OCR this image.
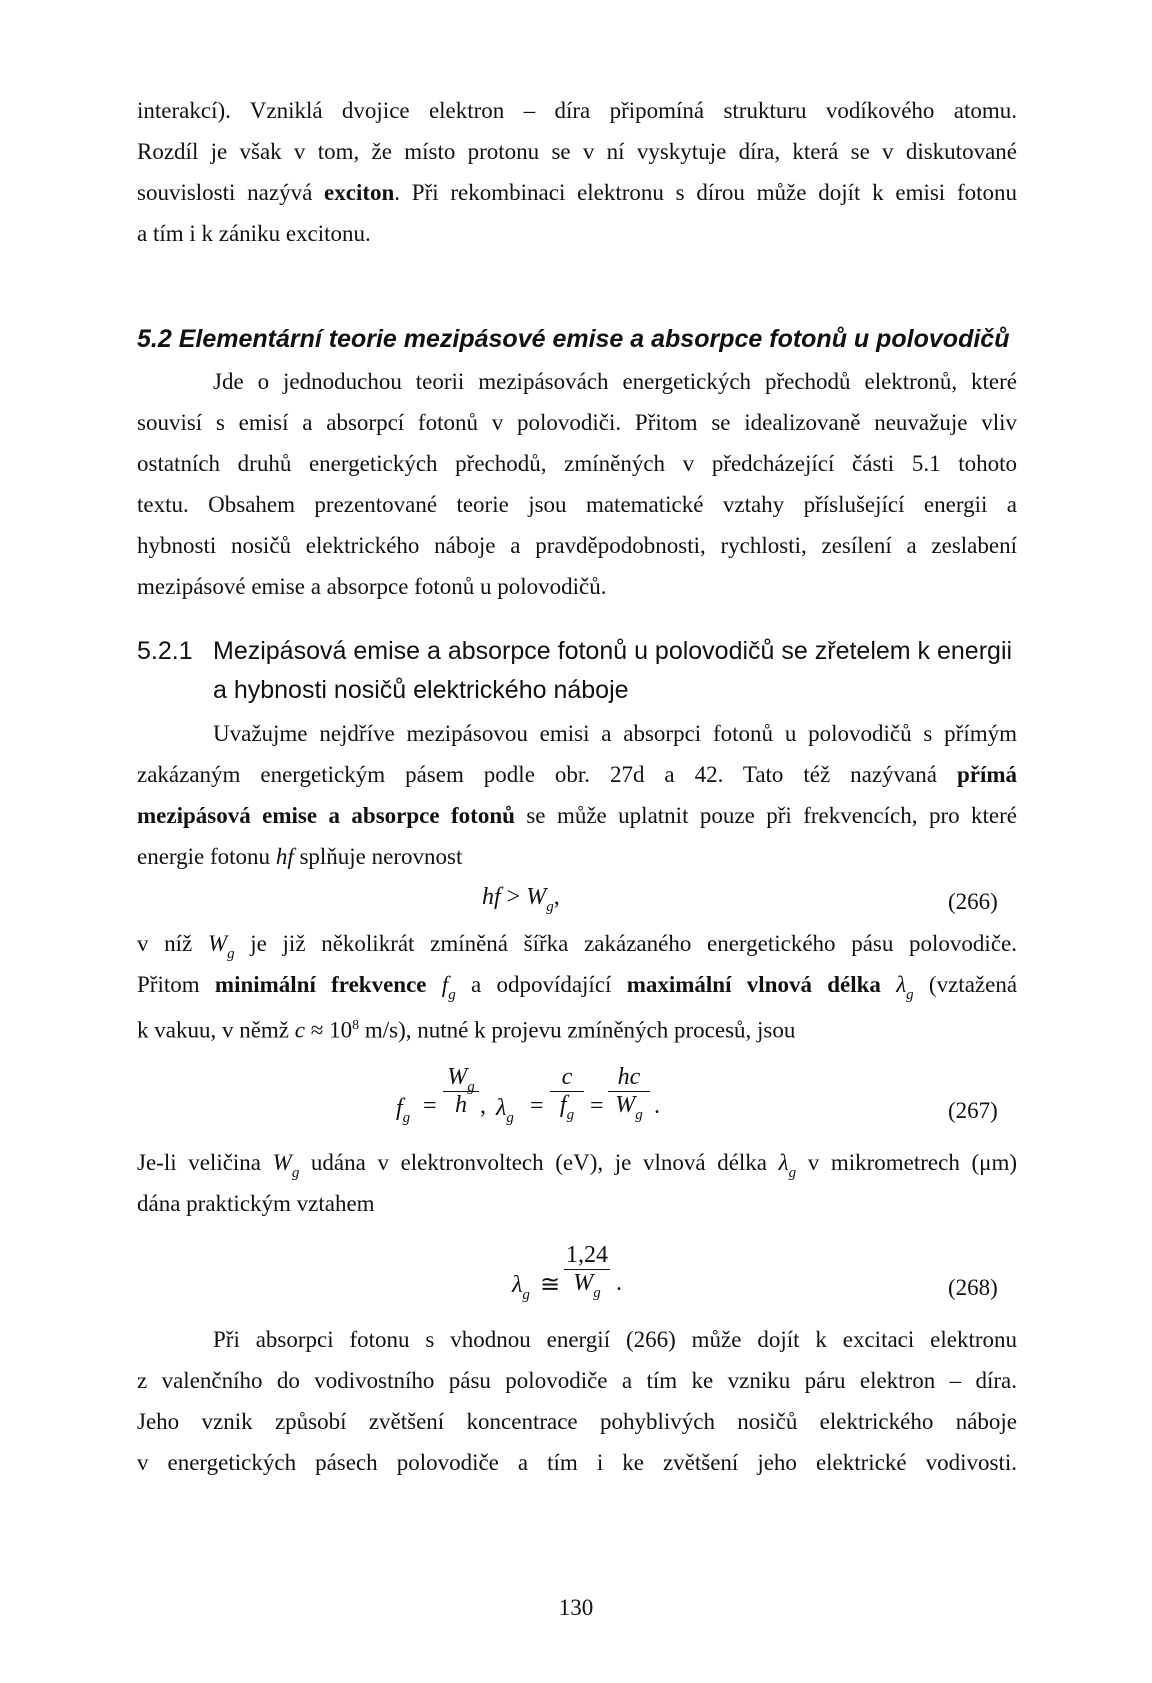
interakcí). Vzniklá dvojice elektron – díra připomíná strukturu vodíkového atomu.
Rozdíl je však v tom, že místo protonu se v ní vyskytuje díra, která se v diskutované
souvislosti nazývá exciton. Při rekombinaci elektronu s dírou může dojít k emisi fotonu
a tím i k zániku excitonu.
5.2 Elementární teorie mezipásové emise a absorpce fotonů u polovodičů
Jde o jednoduchou teorii mezipásovách energetických přechodů elektronů, které
souvisí s emisí a absorpcí fotonů v polovodiči. Přitom se idealizovaně neuvažuje vliv
ostatních druhů energetických přechodů, zmíněných v předcházející části 5.1 tohoto
textu. Obsahem prezentované teorie jsou matematické vztahy příslušející energii a
hybnosti nosičů elektrického náboje a pravděpodobnosti, rychlosti, zesílení a zeslabení
mezipásové emise a absorpce fotonů u polovodičů.
5.2.1 Mezipásová emise a absorpce fotonů u polovodičů se zřetelem k energii
a hybnosti nosičů elektrického náboje
Uvažujme nejdříve mezipásovou emisi a absorpci fotonů u polovodičů s přímým
zakázaným energetickým pásem podle obr. 27d a 42. Tato též nazývaná přímá
mezipásová emise a absorpce fotonů se může uplatnit pouze při frekvencích, pro které
energie fotonu hf splňuje nerovnost
hf > $W_g$,	(266)
v níž $W_g$ je již několikrát zmíněná šířka zakázaného energetického pásu polovodiče.
Přitom minimální frekvence $f_g$ a odpovídající maximální vlnová délka $\lambda_g$ (vztažená
k vakuu, v němž $c \approx 10^8$ m/s), nutné k projevu zmíněných procesů, jsou
$f_g = \frac{W_g}{h}$ , $\lambda_g = \frac{c}{f_g} = \frac{hc}{W_g}$ .	(267)
Je-li veličina $W_g$ udána v elektronvoltech (eV), je vlnová délka $\lambda_g$ v mikrometrech (μm)
dána praktickým vztahem
$\lambda_g$ ≅ $\frac{1,24}{W_g}$ .	(268)
Při absorpci fotonu s vhodnou energií (266) může dojít k excitaci elektronu
z valenčního do vodivostního pásu polovodiče a tím ke vzniku páru elektron – díra.
Jeho vznik způsobí zvětšení koncentrace pohyblivých nosičů elektrického náboje
v energetických pásech polovodiče a tím i ke zvětšení jeho elektrické vodivosti.
130
